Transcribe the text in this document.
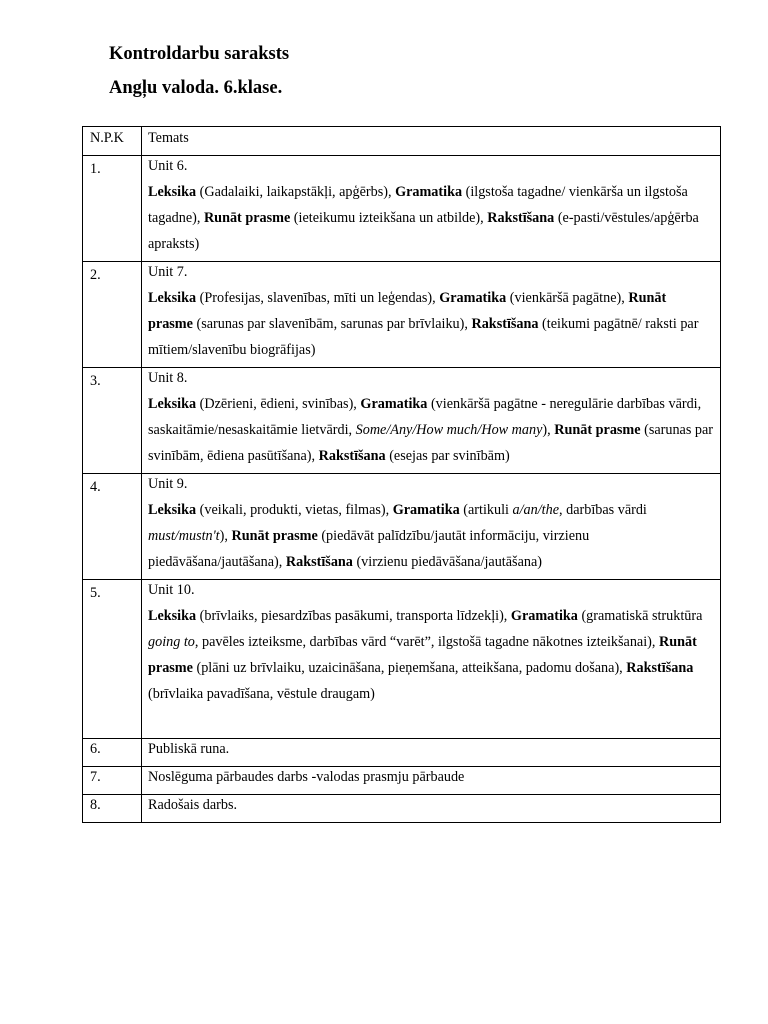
Kontroldarbu saraksts
Angļu valoda. 6.klase.
N.P.K	Temats
1.	Unit 6.
Leksika (Gadalaiki, laikapstākļi, apģērbs), Gramatika (ilgstoša tagadne/ vienkārša un ilgstoša tagadne), Runāt prasme (ieteikumu izteikšana un atbilde), Rakstīšana (e-pasti/vēstules/apģērba apraksts)

2.	Unit 7.
Leksika (Profesijas, slavenības, mīti un leģendas), Gramatika (vienkāršā pagātne), Runāt prasme (sarunas par slavenībām, sarunas par brīvlaiku), Rakstīšana (teikumi pagātnē/ raksti par mītiem/slavenību biogrāfijas)

3.	Unit 8.
Leksika (Dzērieni, ēdieni, svinības), Gramatika (vienkāršā pagātne - neregulārie darbības vārdi, saskaitāmie/nesaskaitāmie lietvārdi, Some/Any/How much/How many), Runāt prasme (sarunas par svinībām, ēdiena pasūtīšana), Rakstīšana (esejas par svinībām)

4.	Unit 9.
Leksika (veikali, produkti, vietas, filmas), Gramatika (artikuli a/an/the, darbības vārdi must/mustn't), Runāt prasme (piedāvāt palīdzību/jautāt informāciju, virzienu piedāvāšana/jautāšana), Rakstīšana (virzienu piedāvāšana/jautāšana)

5.	Unit 10.
Leksika (brīvlaiks, piesardzības pasākumi, transporta līdzekļi), Gramatika (gramatiskā struktūra going to, pavēles izteiksme, darbības vārd “varēt”, ilgstošā tagadne nākotnes izteikšanai), Runāt prasme (plāni uz brīvlaiku, uzaicināšana, pieņemšana, atteikšana, padomu došana), Rakstīšana (brīvlaika pavadīšana, vēstule draugam)

6.	Publiskā runa.
7.	Noslēguma pārbaudes darbs -valodas prasmju pārbaude
8.	Radošais darbs.
